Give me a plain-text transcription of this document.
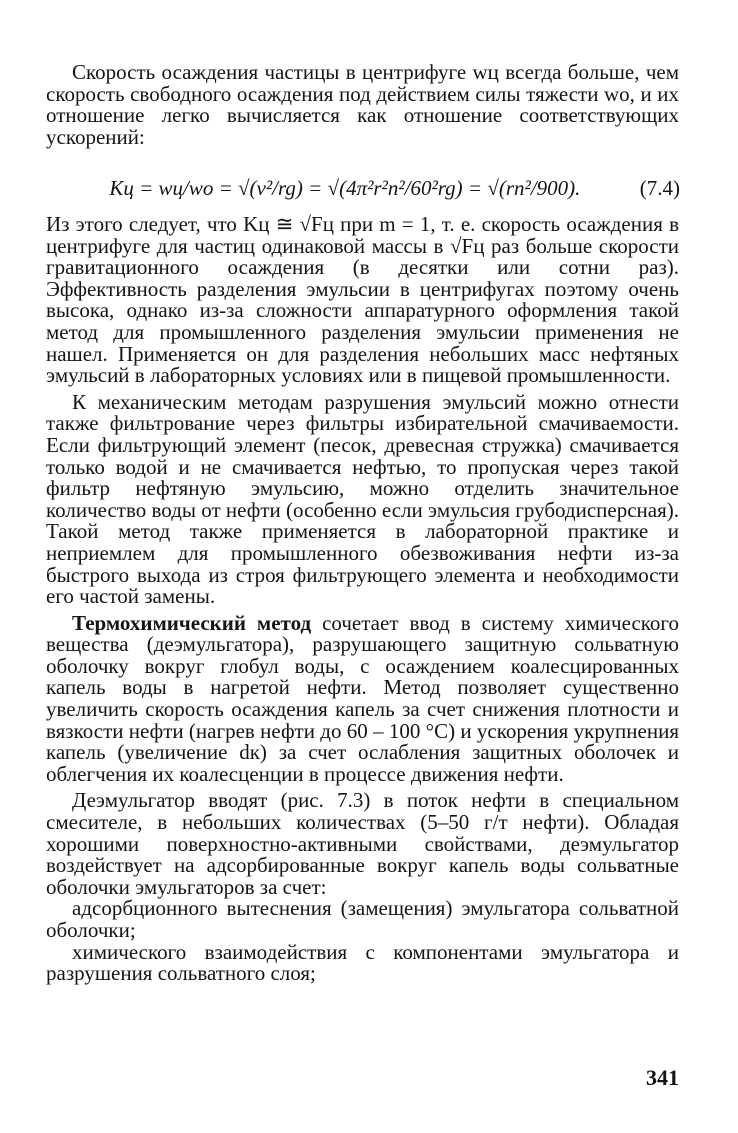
Скорость осаждения частицы в центрифуге wц всегда больше, чем скорость свободного осаждения под действием силы тяжести wо, и их отношение легко вычисляется как отношение соответствующих ускорений:

Kц = wц/wо = √(v²/rg) = √(4π²r²n²/60²rg) = √(rn²/900).	(7.4)

Из этого следует, что Kц ≅ √Fц при m = 1, т. е. скорость осаждения в центрифуге для частиц одинаковой массы в √Fц раз больше скорости гравитационного осаждения (в десятки или сотни раз). Эффективность разделения эмульсии в центрифугах поэтому очень высока, однако из-за сложности аппаратурного оформления такой метод для промышленного разделения эмульсии применения не нашел. Применяется он для разделения небольших масс нефтяных эмульсий в лабораторных условиях или в пищевой промышленности.

К механическим методам разрушения эмульсий можно отнести также фильтрование через фильтры избирательной смачиваемости. Если фильтрующий элемент (песок, древесная стружка) смачивается только водой и не смачивается нефтью, то пропуская через такой фильтр нефтяную эмульсию, можно отделить значительное количество воды от нефти (особенно если эмульсия грубодисперсная). Такой метод также применяется в лабораторной практике и неприемлем для промышленного обезвоживания нефти из-за быстрого выхода из строя фильтрующего элемента и необходимости его частой замены.

Термохимический метод сочетает ввод в систему химического вещества (деэмульгатора), разрушающего защитную сольватную оболочку вокруг глобул воды, с осаждением коалесцированных капель воды в нагретой нефти. Метод позволяет существенно увеличить скорость осаждения капель за счет снижения плотности и вязкости нефти (нагрев нефти до 60 – 100 °С) и ускорения укрупнения капель (увеличение dк) за счет ослабления защитных оболочек и облегчения их коалесценции в процессе движения нефти.

Деэмульгатор вводят (рис. 7.3) в поток нефти в специальном смесителе, в небольших количествах (5–50 г/т нефти). Обладая хорошими поверхностно-активными свойствами, деэмульгатор воздействует на адсорбированные вокруг капель воды сольватные оболочки эмульгаторов за счет:

адсорбционного вытеснения (замещения) эмульгатора сольватной оболочки;

химического взаимодействия с компонентами эмульгатора и разрушения сольватного слоя;

341
